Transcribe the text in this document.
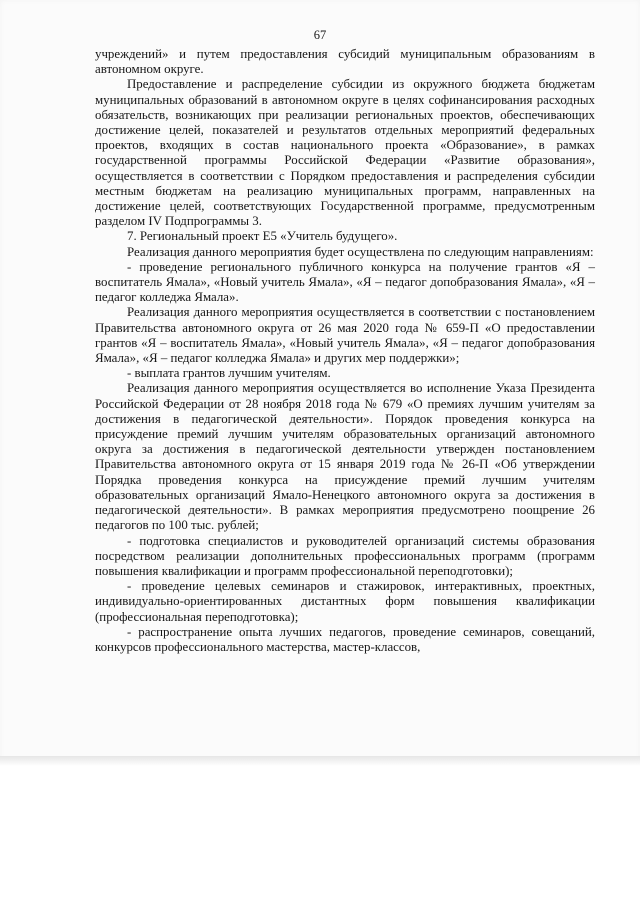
67

учреждений» и путем предоставления субсидий муниципальным образованиям в автономном округе.

Предоставление и распределение субсидии из окружного бюджета бюджетам муниципальных образований в автономном округе в целях софинансирования расходных обязательств, возникающих при реализации региональных проектов, обеспечивающих достижение целей, показателей и результатов отдельных мероприятий федеральных проектов, входящих в состав национального проекта «Образование», в рамках государственной программы Российской Федерации «Развитие образования», осуществляется в соответствии с Порядком предоставления и распределения субсидии местным бюджетам на реализацию муниципальных программ, направленных на достижение целей, соответствующих Государственной программе, предусмотренным разделом IV Подпрограммы 3.

7. Региональный проект Е5 «Учитель будущего».

Реализация данного мероприятия будет осуществлена по следующим направлениям:

- проведение регионального публичного конкурса на получение грантов «Я – воспитатель Ямала», «Новый учитель Ямала», «Я – педагог допобразования Ямала», «Я – педагог колледжа Ямала».

Реализация данного мероприятия осуществляется в соответствии с постановлением Правительства автономного округа от 26 мая 2020 года № 659-П «О предоставлении грантов «Я – воспитатель Ямала», «Новый учитель Ямала», «Я – педагог допобразования Ямала», «Я – педагог колледжа Ямала» и других мер поддержки»;

- выплата грантов лучшим учителям.

Реализация данного мероприятия осуществляется во исполнение Указа Президента Российской Федерации от 28 ноября 2018 года № 679 «О премиях лучшим учителям за достижения в педагогической деятельности». Порядок проведения конкурса на присуждение премий лучшим учителям образовательных организаций автономного округа за достижения в педагогической деятельности утвержден постановлением Правительства автономного округа от 15 января 2019 года № 26-П «Об утверждении Порядка проведения конкурса на присуждение премий лучшим учителям образовательных организаций Ямало-Ненецкого автономного округа за достижения в педагогической деятельности». В рамках мероприятия предусмотрено поощрение 26 педагогов по 100 тыс. рублей;

- подготовка специалистов и руководителей организаций системы образования посредством реализации дополнительных профессиональных программ (программ повышения квалификации и программ профессиональной переподготовки);

- проведение целевых семинаров и стажировок, интерактивных, проектных, индивидуально-ориентированных дистантных форм повышения квалификации (профессиональная переподготовка);

- распространение опыта лучших педагогов, проведение семинаров, совещаний, конкурсов профессионального мастерства, мастер-классов,
